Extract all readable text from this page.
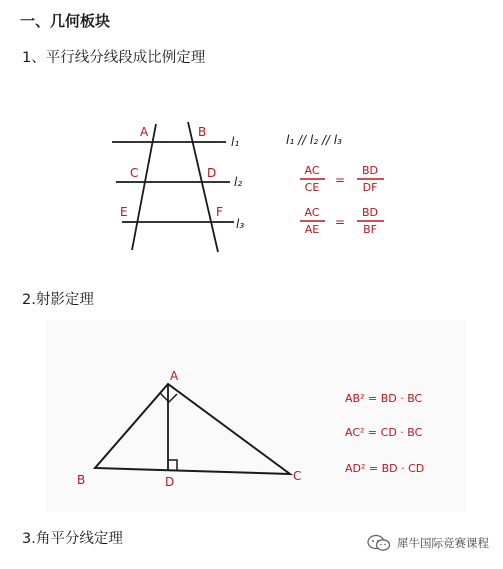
一、几何板块
1、平行线分线段成比例定理
A	B
C	D
E	F
l₁
l₂
l₃
l₁ // l₂ // l₃
AC
CE
=
BD
DF
AC
AE
=
BD
BF
2.射影定理
A
B	C
D
AB² = BD · BC
AC² = CD · BC
AD² = BD · CD
3.角平分线定理	犀牛国际竞赛课程
